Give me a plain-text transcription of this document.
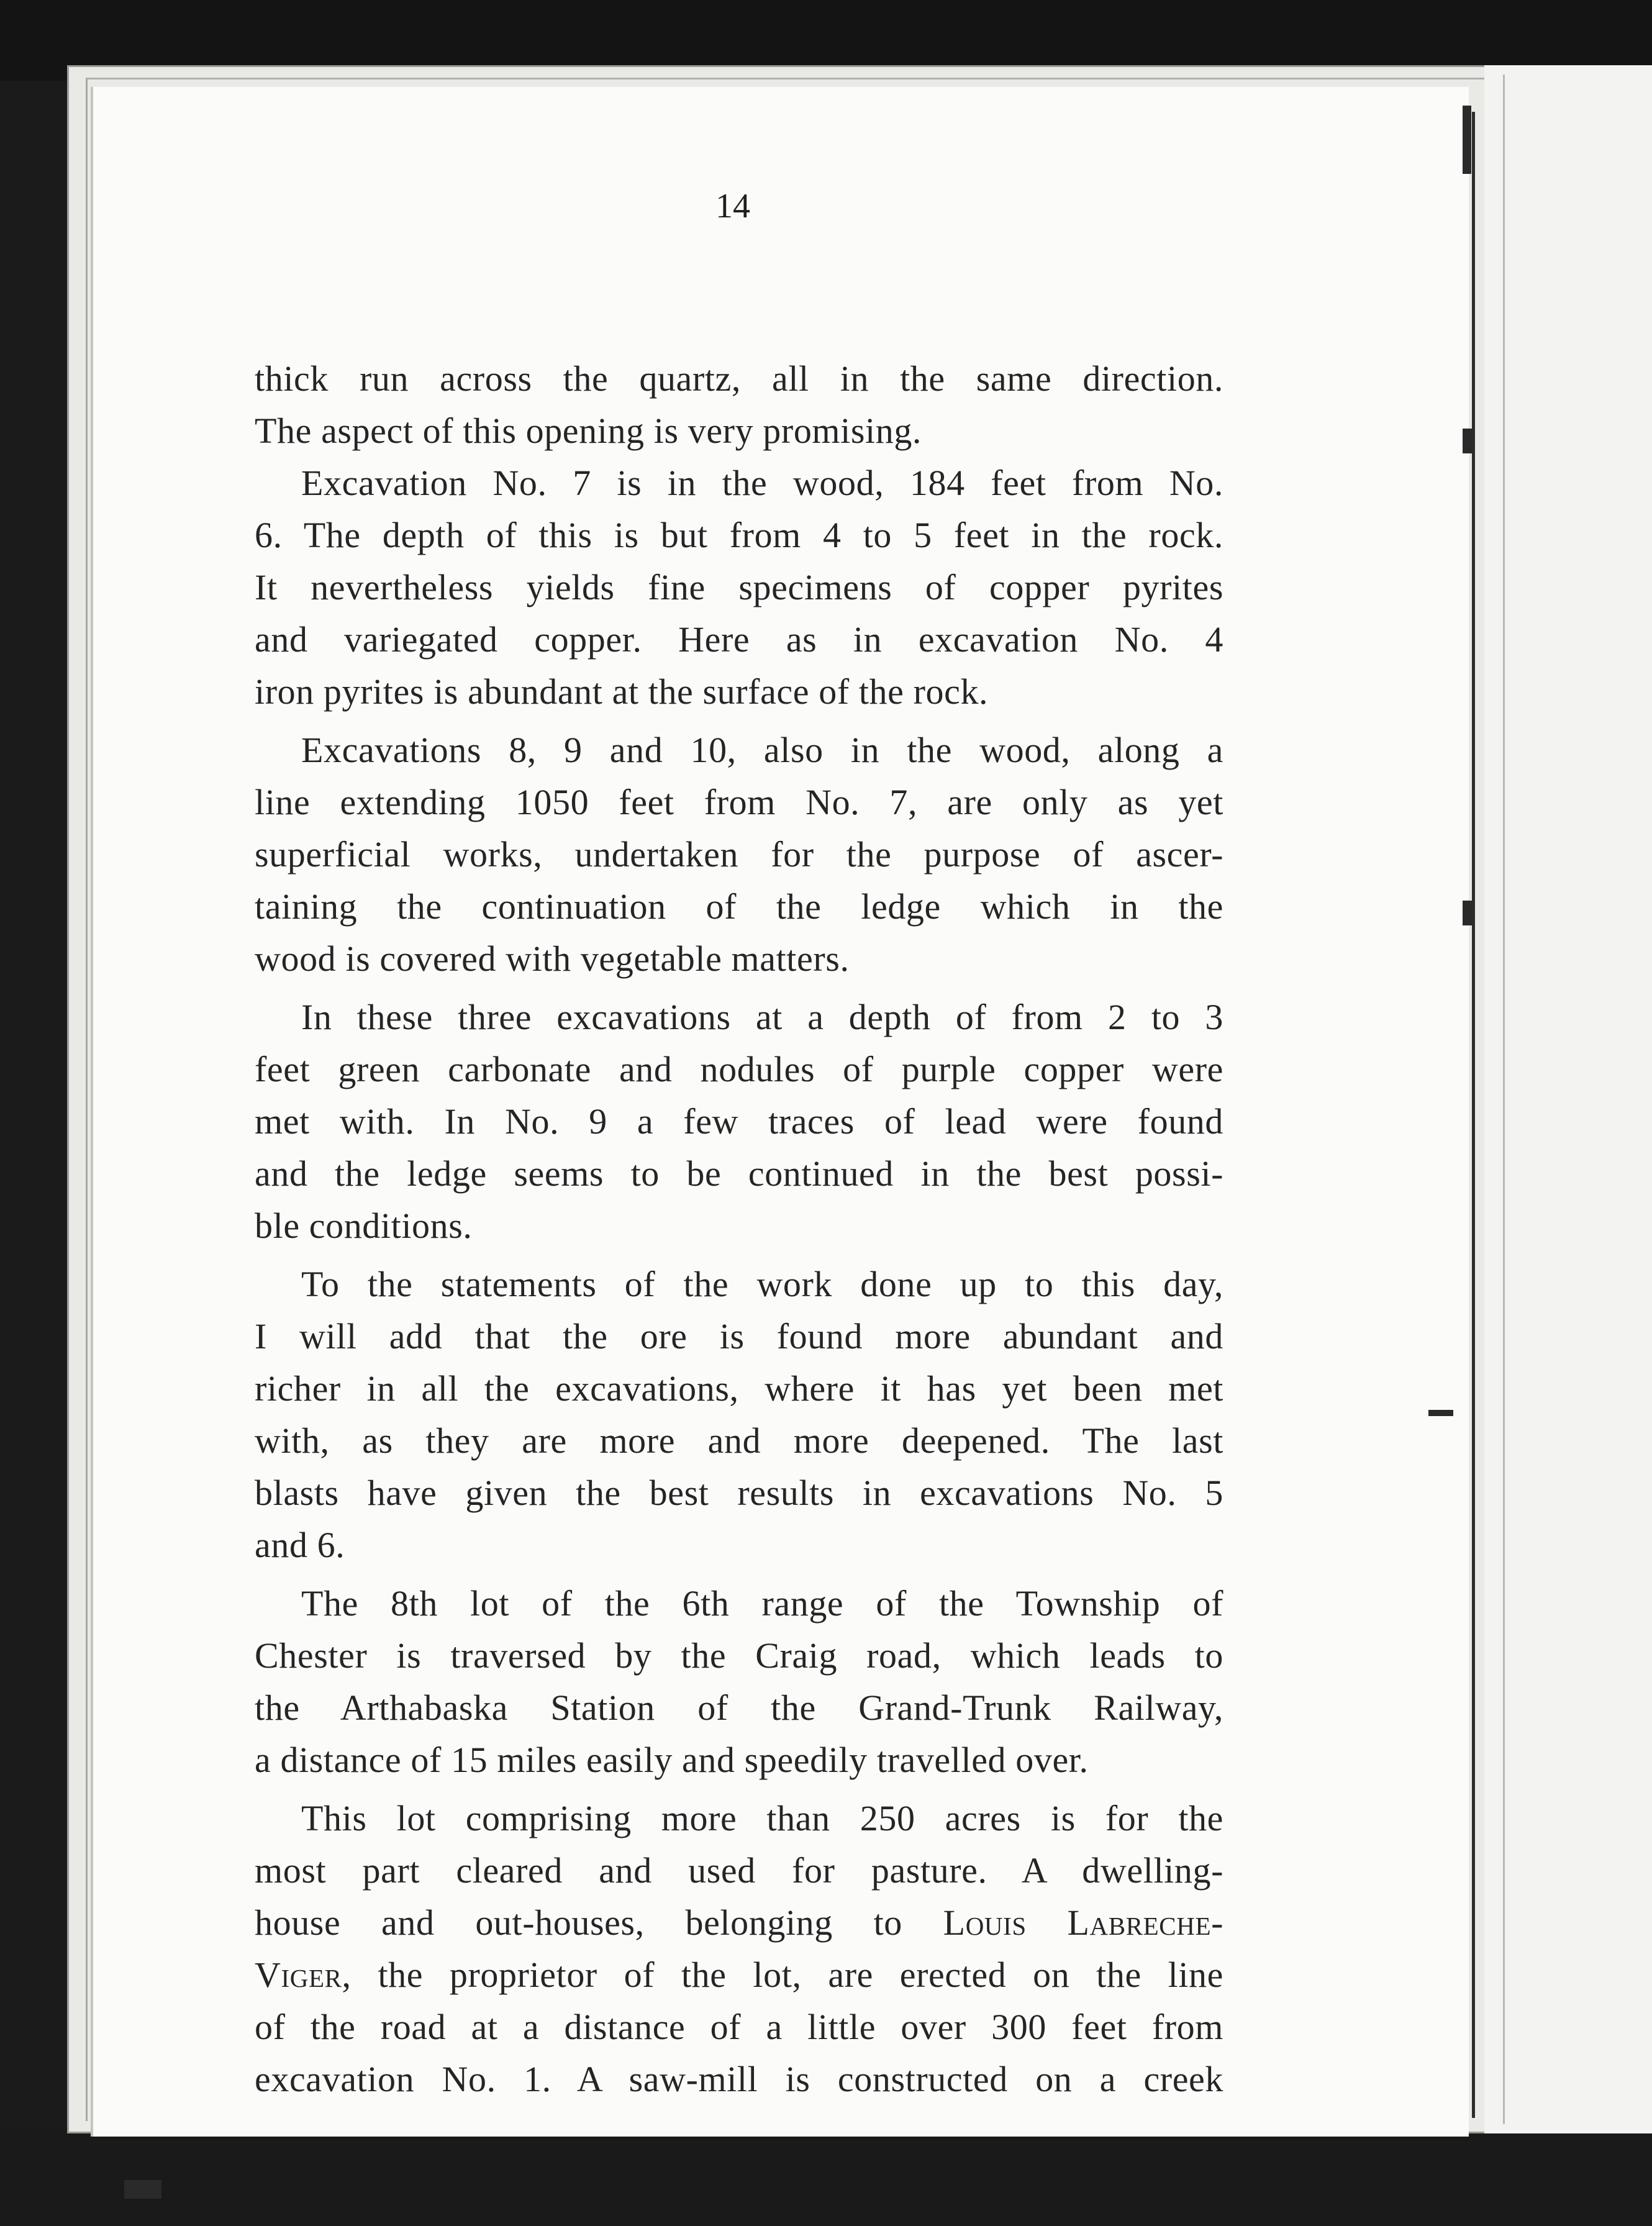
14
thick run across the quartz, all in the same direction.
The aspect of this opening is very promising.
Excavation No. 7 is in the wood, 184 feet from No.
6. The depth of this is but from 4 to 5 feet in the rock.
It nevertheless yields fine specimens of copper pyrites
and variegated copper. Here as in excavation No. 4
iron pyrites is abundant at the surface of the rock.
Excavations 8, 9 and 10, also in the wood, along a
line extending 1050 feet from No. 7, are only as yet
superficial works, undertaken for the purpose of ascer-
taining the continuation of the ledge which in the
wood is covered with vegetable matters.
In these three excavations at a depth of from 2 to 3
feet green carbonate and nodules of purple copper were
met with. In No. 9 a few traces of lead were found
and the ledge seems to be continued in the best possi-
ble conditions.
To the statements of the work done up to this day,
I will add that the ore is found more abundant and
richer in all the excavations, where it has yet been met
with, as they are more and more deepened. The last
blasts have given the best results in excavations No. 5
and 6.
The 8th lot of the 6th range of the Township of
Chester is traversed by the Craig road, which leads to
the Arthabaska Station of the Grand-Trunk Railway,
a distance of 15 miles easily and speedily travelled over.
This lot comprising more than 250 acres is for the
most part cleared and used for pasture. A dwelling-
house and out-houses, belonging to Louis Labreche-
Viger, the proprietor of the lot, are erected on the line
of the road at a distance of a little over 300 feet from
excavation No. 1. A saw-mill is constructed on a creek
